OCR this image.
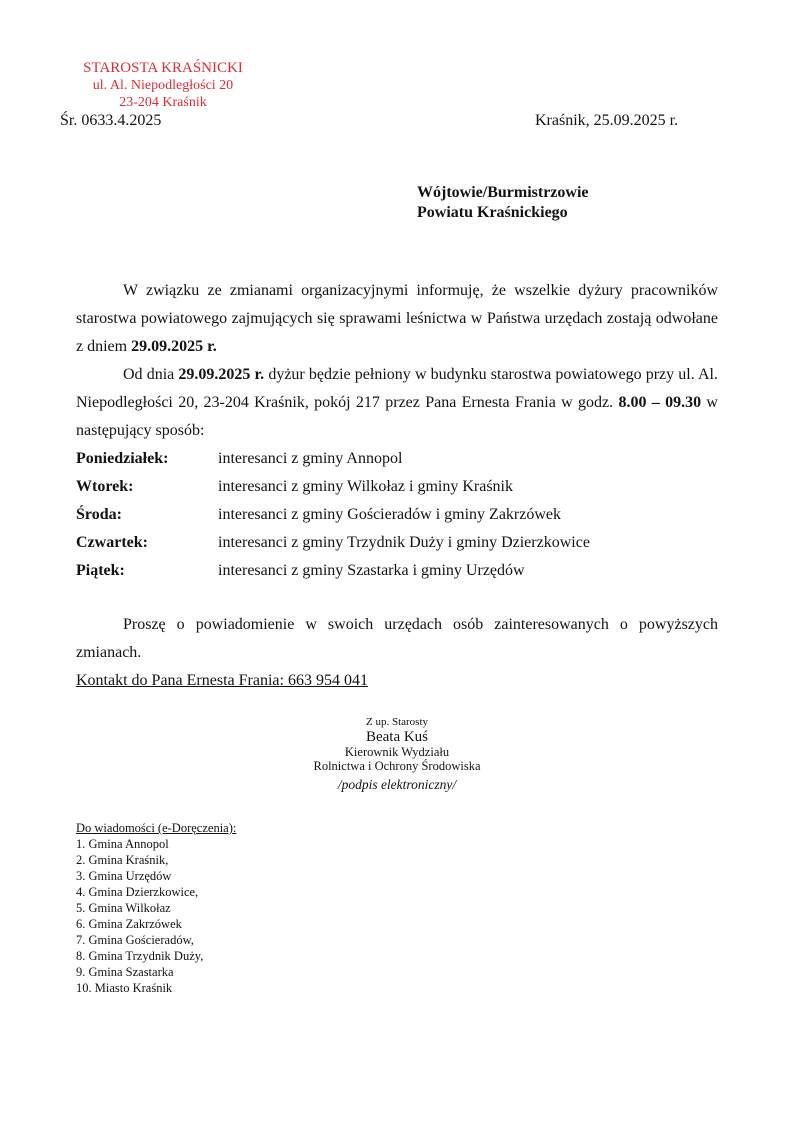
STAROSTA KRAŚNICKI
ul. Al. Niepodległości 20
23-204 Kraśnik
Śr. 0633.4.2025	Kraśnik, 25.09.2025 r.
Wójtowie/Burmistrzowie
Powiatu Kraśnickiego

W związku ze zmianami organizacyjnymi informuję, że wszelkie dyżury pracowników starostwa powiatowego zajmujących się sprawami leśnictwa w Państwa urzędach zostają odwołane z dniem 29.09.2025 r.

Od dnia 29.09.2025 r. dyżur będzie pełniony w budynku starostwa powiatowego przy ul. Al. Niepodległości 20, 23-204 Kraśnik, pokój 217 przez Pana Ernesta Frania w godz. 8.00 – 09.30 w następujący sposób:

Poniedziałek:	interesanci z gminy Annopol
Wtorek:	interesanci z gminy Wilkołaz i gminy Kraśnik
Środa:	interesanci z gminy Gościeradów i gminy Zakrzówek
Czwartek:	interesanci z gminy Trzydnik Duży i gminy Dzierzkowice
Piątek:	interesanci z gminy Szastarka i gminy Urzędów

Proszę o powiadomienie w swoich urzędach osób zainteresowanych o powyższych zmianach.

Kontakt do Pana Ernesta Frania: 663 954 041
Z up. Starosty
Beata Kuś
Kierownik Wydziału
Rolnictwa i Ochrony Środowiska
/podpis elektroniczny/
Do wiadomości (e-Doręczenia):
1. Gmina Annopol
2. Gmina Kraśnik,
3. Gmina Urzędów
4. Gmina Dzierzkowice,
5. Gmina Wilkołaz
6. Gmina Zakrzówek
7. Gmina Gościeradów,
8. Gmina Trzydnik Duży,
9. Gmina Szastarka
10. Miasto Kraśnik
